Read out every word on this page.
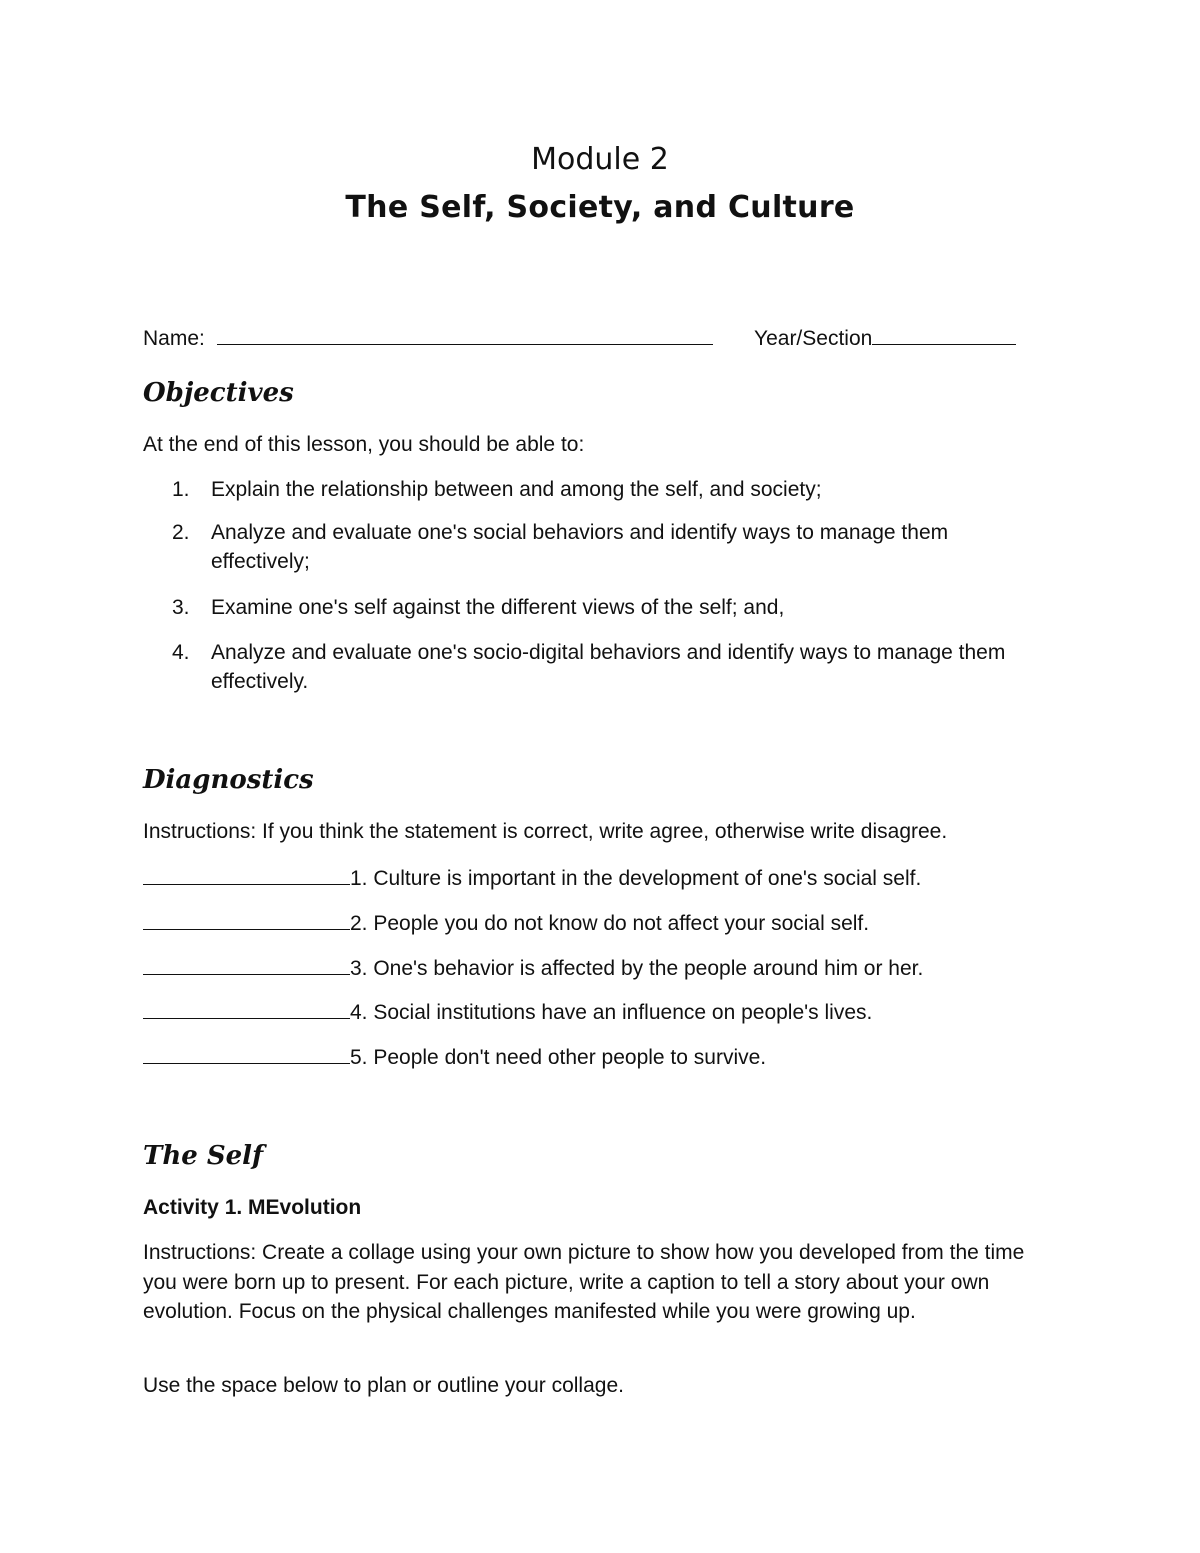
Module 2
The Self, Society, and Culture
Name:	Year/Section
Objectives
At the end of this lesson, you should be able to:
1. Explain the relationship between and among the self, and society;
2. Analyze and evaluate one's social behaviors and identify ways to manage them effectively;
3. Examine one's self against the different views of the self; and,
4. Analyze and evaluate one's socio-digital behaviors and identify ways to manage them effectively.
Diagnostics
Instructions: If you think the statement is correct, write agree, otherwise write disagree.
1. Culture is important in the development of one's social self.
2. People you do not know do not affect your social self.
3. One's behavior is affected by the people around him or her.
4. Social institutions have an influence on people's lives.
5. People don't need other people to survive.
The Self
Activity 1. MEvolution
Instructions: Create a collage using your own picture to show how you developed from the time you were born up to present. For each picture, write a caption to tell a story about your own evolution. Focus on the physical challenges manifested while you were growing up.
Use the space below to plan or outline your collage.
